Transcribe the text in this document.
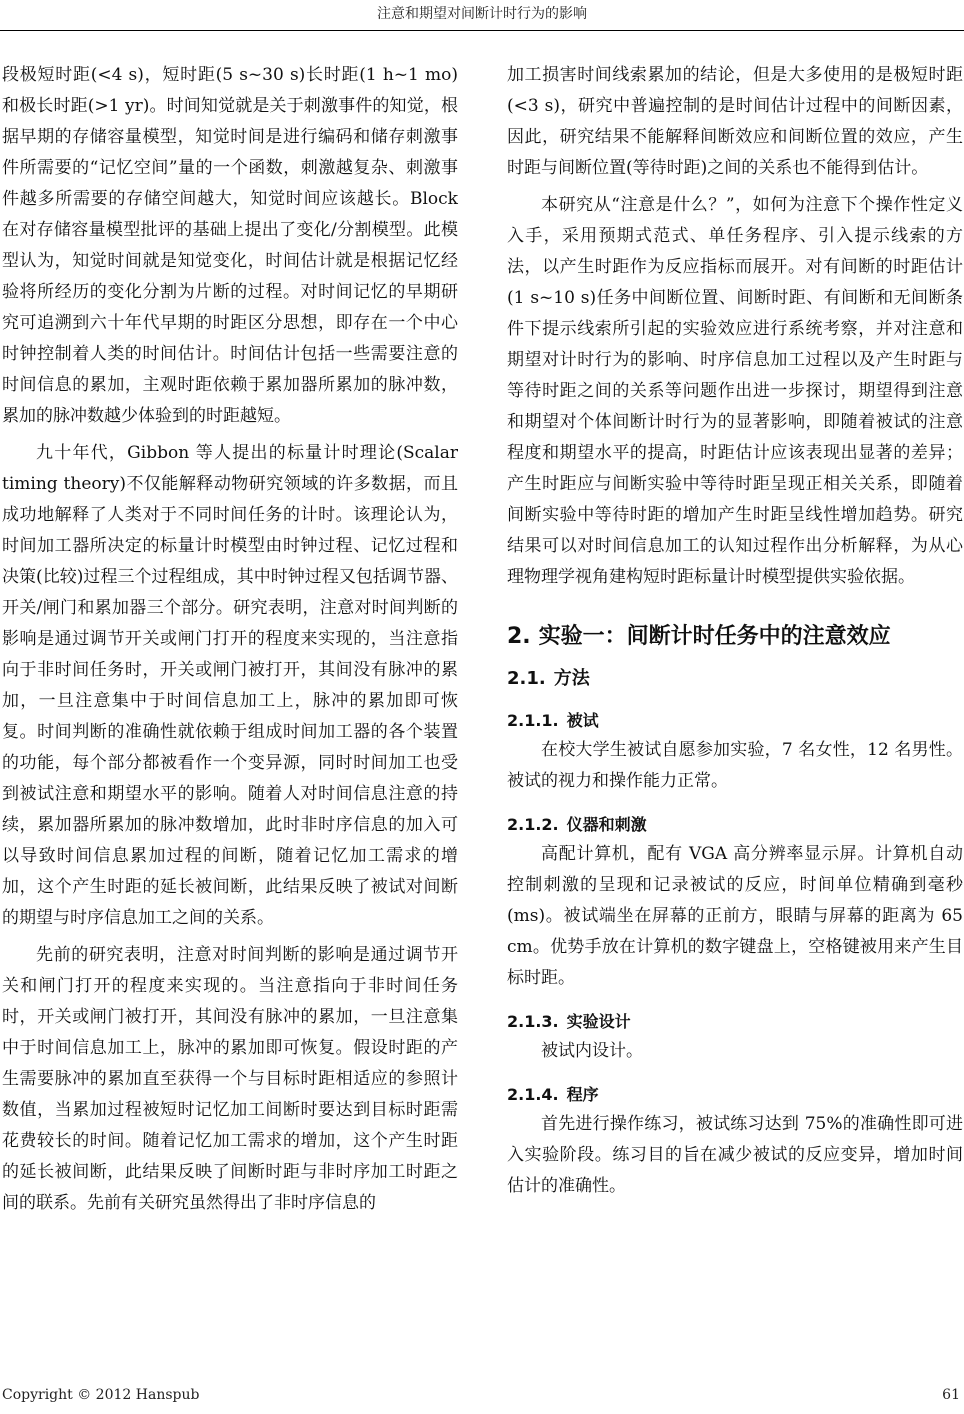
注意和期望对间断计时行为的影响

段极短时距(<4 s)，短时距(5 s~30 s)长时距(1 h~1 mo)和极长时距(>1 yr)。时间知觉就是关于刺激事件的知觉，根据早期的存储容量模型，知觉时间是进行编码和储存刺激事件所需要的“记忆空间”量的一个函数，刺激越复杂、刺激事件越多所需要的存储空间越大，知觉时间应该越长。Block 在对存储容量模型批评的基础上提出了变化/分割模型。此模型认为，知觉时间就是知觉变化，时间估计就是根据记忆经验将所经历的变化分割为片断的过程。对时间记忆的早期研究可追溯到六十年代早期的时距区分思想，即存在一个中心时钟控制着人类的时间估计。时间估计包括一些需要注意的时间信息的累加，主观时距依赖于累加器所累加的脉冲数，累加的脉冲数越少体验到的时距越短。

九十年代，Gibbon 等人提出的标量计时理论(Scalar timing theory)不仅能解释动物研究领域的许多数据，而且成功地解释了人类对于不同时间任务的计时。该理论认为，时间加工器所决定的标量计时模型由时钟过程、记忆过程和决策(比较)过程三个过程组成，其中时钟过程又包括调节器、开关/闸门和累加器三个部分。研究表明，注意对时间判断的影响是通过调节开关或闸门打开的程度来实现的，当注意指向于非时间任务时，开关或闸门被打开，其间没有脉冲的累加，一旦注意集中于时间信息加工上，脉冲的累加即可恢复。时间判断的准确性就依赖于组成时间加工器的各个装置的功能，每个部分都被看作一个变异源，同时时间加工也受到被试注意和期望水平的影响。随着人对时间信息注意的持续，累加器所累加的脉冲数增加，此时非时序信息的加入可以导致时间信息累加过程的间断，随着记忆加工需求的增加，这个产生时距的延长被间断，此结果反映了被试对间断的期望与时序信息加工之间的关系。

先前的研究表明，注意对时间判断的影响是通过调节开关和闸门打开的程度来实现的。当注意指向于非时间任务时，开关或闸门被打开，其间没有脉冲的累加，一旦注意集中于时间信息加工上，脉冲的累加即可恢复。假设时距的产生需要脉冲的累加直至获得一个与目标时距相适应的参照计数值，当累加过程被短时记忆加工间断时要达到目标时距需花费较长的时间。随着记忆加工需求的增加，这个产生时距的延长被间断，此结果反映了间断时距与非时序加工时距之间的联系。先前有关研究虽然得出了非时序信息的

加工损害时间线索累加的结论，但是大多使用的是极短时距(<3 s)，研究中普遍控制的是时间估计过程中的间断因素，因此，研究结果不能解释间断效应和间断位置的效应，产生时距与间断位置(等待时距)之间的关系也不能得到估计。

本研究从“注意是什么？”，如何为注意下个操作性定义入手，采用预期式范式、单任务程序、引入提示线索的方法，以产生时距作为反应指标而展开。对有间断的时距估计(1 s~10 s)任务中间断位置、间断时距、有间断和无间断条件下提示线索所引起的实验效应进行系统考察，并对注意和期望对计时行为的影响、时序信息加工过程以及产生时距与等待时距之间的关系等问题作出进一步探讨，期望得到注意和期望对个体间断计时行为的显著影响，即随着被试的注意程度和期望水平的提高，时距估计应该表现出显著的差异；产生时距应与间断实验中等待时距呈现正相关关系，即随着间断实验中等待时距的增加产生时距呈线性增加趋势。研究结果可以对时间信息加工的认知过程作出分析解释，为从心理物理学视角建构短时距标量计时模型提供实验依据。

2. 实验一：间断计时任务中的注意效应
2.1. 方法
2.1.1. 被试

在校大学生被试自愿参加实验，7 名女性，12 名男性。被试的视力和操作能力正常。

2.1.2. 仪器和刺激

高配计算机，配有 VGA 高分辨率显示屏。计算机自动控制刺激的呈现和记录被试的反应，时间单位精确到毫秒(ms)。被试端坐在屏幕的正前方，眼睛与屏幕的距离为 65 cm。优势手放在计算机的数字键盘上，空格键被用来产生目标时距。

2.1.3. 实验设计

被试内设计。

2.1.4. 程序

首先进行操作练习，被试练习达到 75%的准确性即可进入实验阶段。练习目的旨在减少被试的反应变异，增加时间估计的准确性。

Copyright © 2012 Hanspub	61
